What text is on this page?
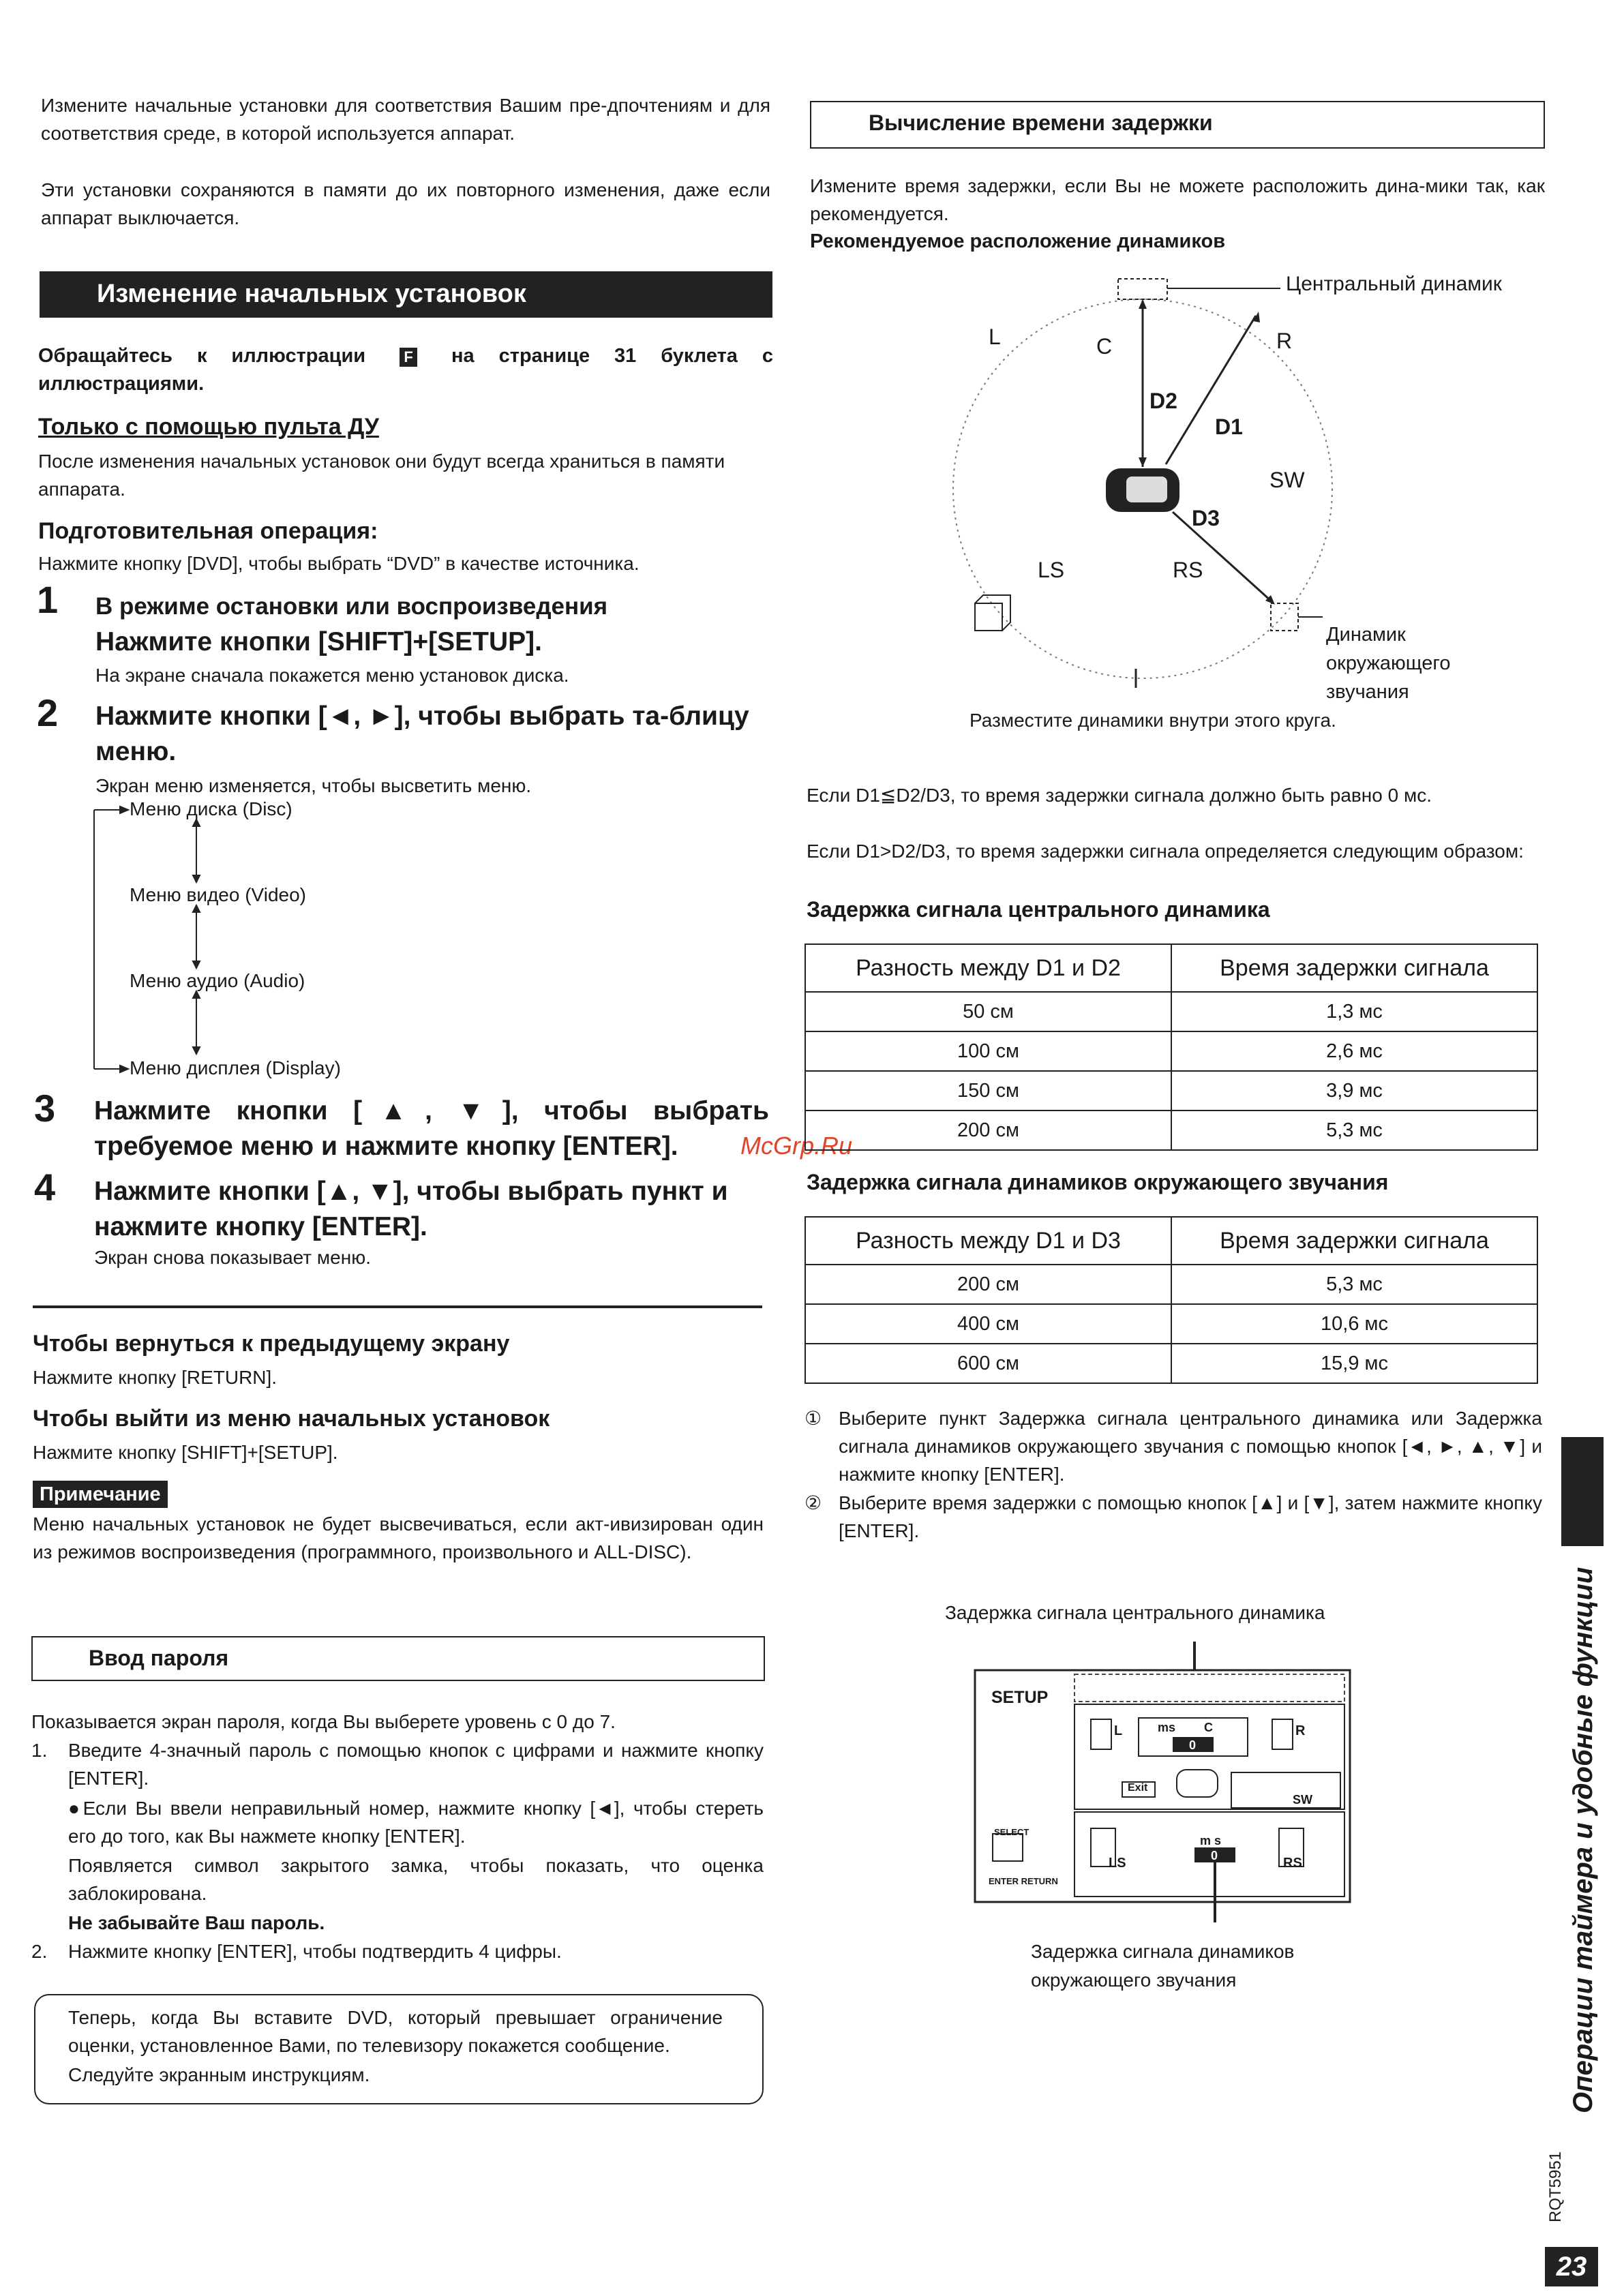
Измените начальные установки для соответствия Вашим пре-дпочтениям и для соответствия среде, в которой используется аппарат.
Эти установки сохраняются в памяти до их повторного изменения, даже если аппарат выключается.
Изменение начальных установок
Обращайтесь к иллюстрации	F на странице 31 буклета с иллюстрациями.
Только с помощью пульта ДУ
После изменения начальных установок они будут всегда храниться в памяти аппарата.
Подготовительная операция:
Нажмите кнопку [DVD], чтобы выбрать “DVD” в качестве источника.
1 В режиме остановки или воспроизведения
Нажмите кнопки [SHIFT]+[SETUP].
На экране сначала покажется меню установок диска.
2 Нажмите кнопки [◄, ►], чтобы выбрать та-блицу меню.
Экран меню изменяется, чтобы высветить меню.
Меню диска (Disc)
Меню видео (Video)
Меню аудио (Audio)
Меню дисплея (Display)
3 Нажмите кнопки [▲, ▼], чтобы выбрать требуемое меню и нажмите кнопку [ENTER].	McGrp.Ru
4 Нажмите кнопки [▲, ▼], чтобы выбрать пункт и нажмите кнопку [ENTER].
Экран снова показывает меню.
Чтобы вернуться к предыдущему экрану
Нажмите кнопку [RETURN].
Чтобы выйти из меню начальных установок
Нажмите кнопку [SHIFT]+[SETUP].
Примечание
Меню начальных установок не будет высвечиваться, если акт-ивизирован один из режимов воспроизведения (программного, произвольного и ALL-DISC).
Ввод пароля
Показывается экран пароля, когда Вы выберете уровень с 0 до 7.
1. Введите 4-значный пароль с помощью кнопок с цифрами и нажмите кнопку [ENTER].
●Если Вы ввели неправильный номер, нажмите кнопку [◄], чтобы стереть его до того, как Вы нажмете кнопку [ENTER].
Появляется символ закрытого замка, чтобы показать, что оценка заблокирована.
Не забывайте Ваш пароль.
2. Нажмите кнопку [ENTER], чтобы подтвердить 4 цифры.
Теперь, когда Вы вставите DVD, который превышает ограничение оценки, установленное Вами, по телевизору покажется сообщение.
Следуйте экранным инструкциям.
Вычисление времени задержки
Измените время задержки, если Вы не можете расположить дина-мики так, как рекомендуется.
Рекомендуемое расположение динамиков
Центральный динамик
L	C	R
D2
D1
SW
D3
LS	RS
Динамик
окружающего
звучания
Разместите динамики внутри этого круга.
Если D1≦D2/D3, то время задержки сигнала должно быть равно 0 мс.
Если D1>D2/D3, то время задержки сигнала определяется следующим образом:
Задержка сигнала центрального динамика
Разность между D1 и D2	Время задержки сигнала
50 см	1,3 мс
100 см	2,6 мс
150 см	3,9 мс
200 см	5,3 мс
Задержка сигнала динамиков окружающего звучания
Разность между D1 и D3	Время задержки сигнала
200 см	5,3 мс
400 см	10,6 мс
600 см	15,9 мс
① Выберите пункт Задержка сигнала центрального динамика или Задержка сигнала динамиков окружающего звучания с помощью кнопок [◄, ►, ▲, ▼] и нажмите кнопку [ENTER].
② Выберите время задержки с помощью кнопок [▲] и [▼], затем нажмите кнопку [ENTER].
Задержка сигнала центрального динамика
SETUP
L	ms C	R
0
Exit
SW
LS	RS
m s
0
SELECT
ENTER RETURN
Задержка сигнала динамиков
окружающего звучания	Операции таймера и удобные функции
RQT5951
23
